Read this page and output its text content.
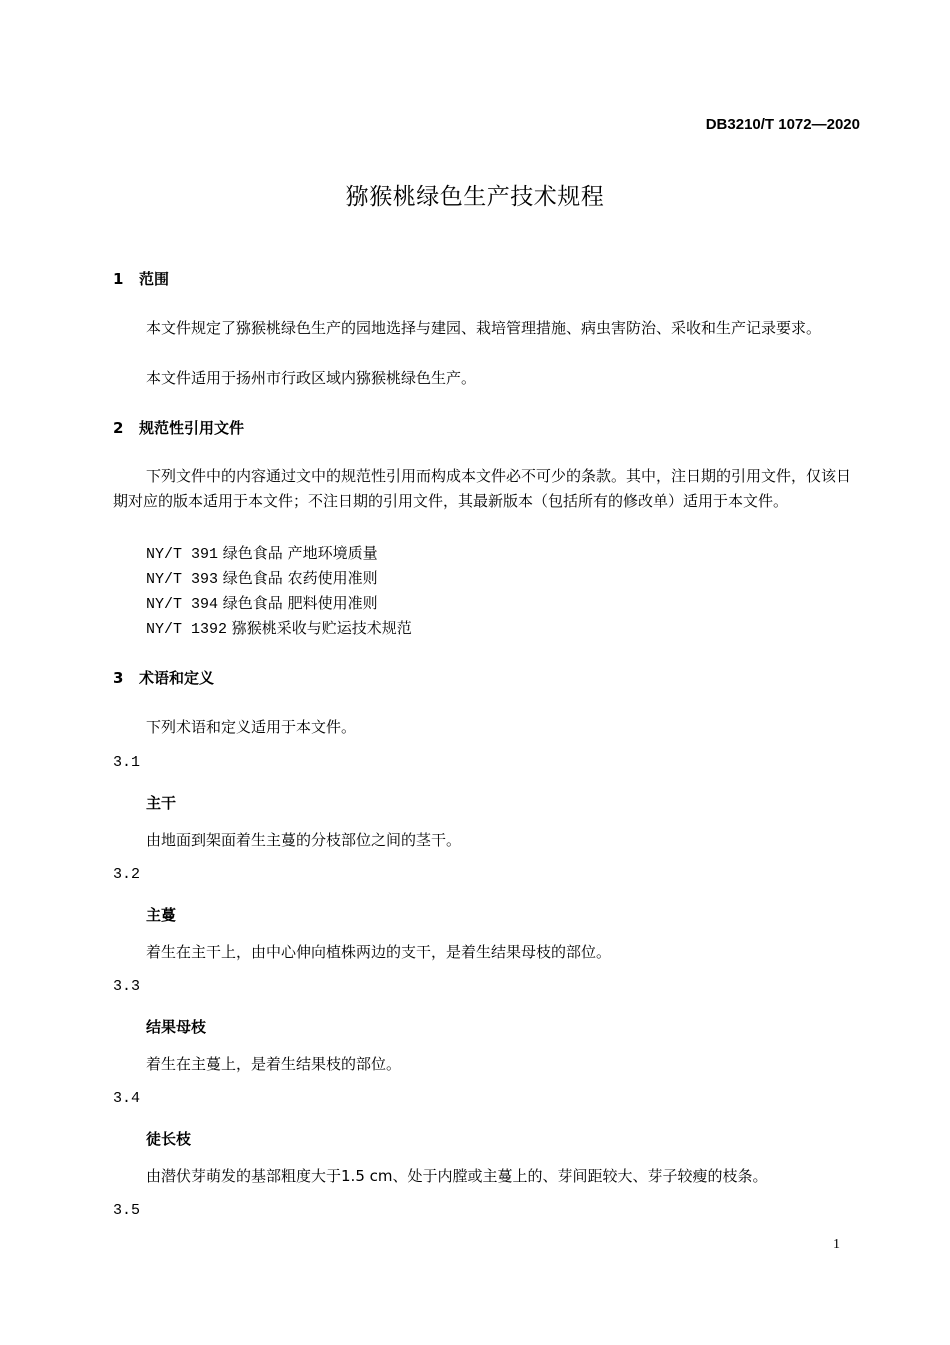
DB3210/T 1072—2020
猕猴桃绿色生产技术规程
1 范围
本文件规定了猕猴桃绿色生产的园地选择与建园、栽培管理措施、病虫害防治、采收和生产记录要求。
本文件适用于扬州市行政区域内猕猴桃绿色生产。
2 规范性引用文件
下列文件中的内容通过文中的规范性引用而构成本文件必不可少的条款。其中，注日期的引用文件，仅该日期对应的版本适用于本文件；不注日期的引用文件，其最新版本（包括所有的修改单）适用于本文件。
NY/T 391 绿色食品 产地环境质量
NY/T 393 绿色食品 农药使用准则
NY/T 394 绿色食品 肥料使用准则
NY/T 1392 猕猴桃采收与贮运技术规范
3 术语和定义
下列术语和定义适用于本文件。
3.1
主干
由地面到架面着生主蔓的分枝部位之间的茎干。
3.2
主蔓
着生在主干上，由中心伸向植株两边的支干，是着生结果母枝的部位。
3.3
结果母枝
着生在主蔓上，是着生结果枝的部位。
3.4
徒长枝
由潜伏芽萌发的基部粗度大于1.5 cm、处于内膛或主蔓上的、芽间距较大、芽子较瘦的枝条。
3.5
1
